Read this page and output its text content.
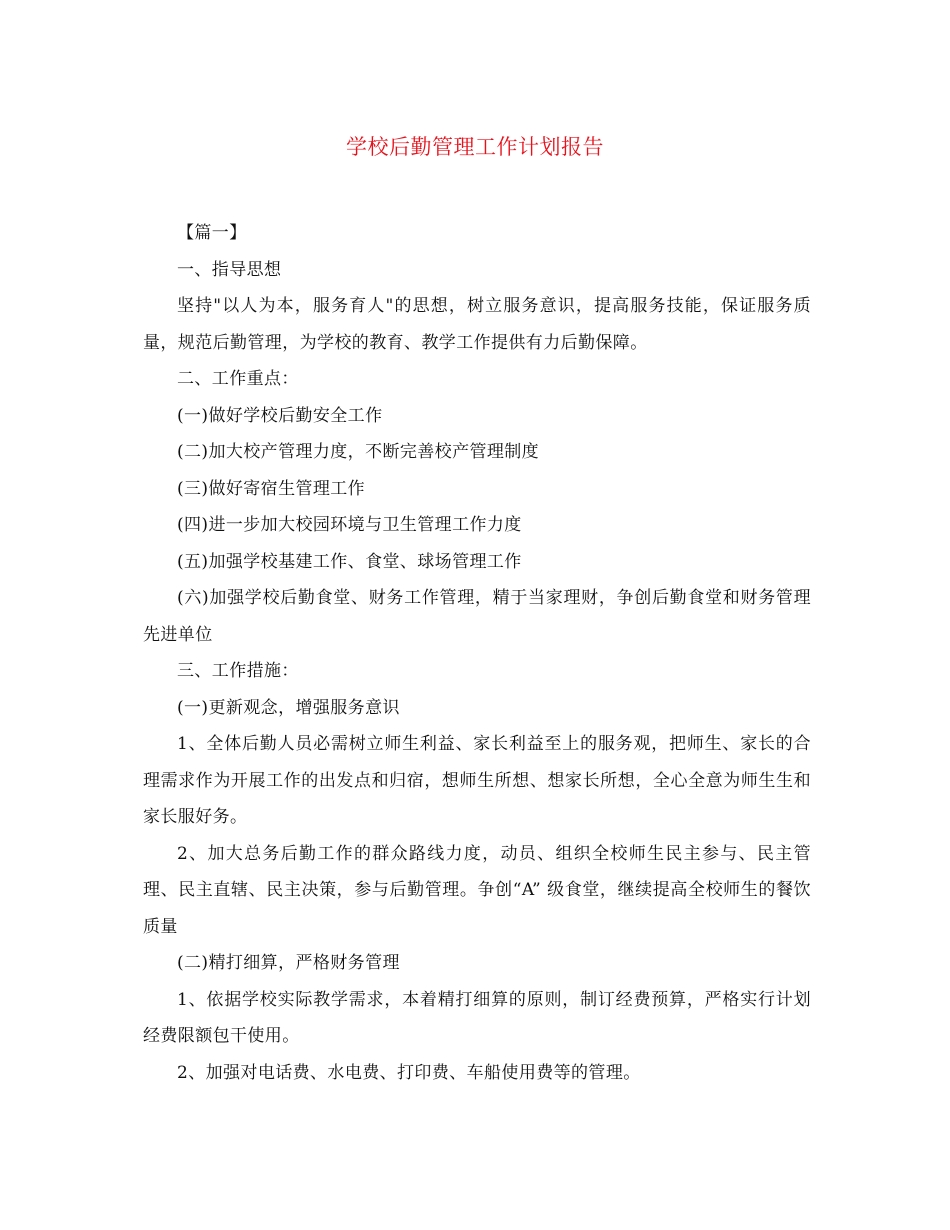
学校后勤管理工作计划报告

【篇一】

一、指导思想

坚持"以人为本，服务育人"的思想，树立服务意识，提高服务技能，保证服务质量，规范后勤管理，为学校的教育、教学工作提供有力后勤保障。

二、工作重点：

(一)做好学校后勤安全工作

(二)加大校产管理力度，不断完善校产管理制度

(三)做好寄宿生管理工作

(四)进一步加大校园环境与卫生管理工作力度

(五)加强学校基建工作、食堂、球场管理工作

(六)加强学校后勤食堂、财务工作管理，精于当家理财，争创后勤食堂和财务管理先进单位

三、工作措施：

(一)更新观念，增强服务意识

1、全体后勤人员必需树立师生利益、家长利益至上的服务观，把师生、家长的合理需求作为开展工作的出发点和归宿，想师生所想、想家长所想，全心全意为师生生和家长服好务。

2、加大总务后勤工作的群众路线力度，动员、组织全校师生民主参与、民主管理、民主直辖、民主决策，参与后勤管理。争创“A” 级食堂，继续提高全校师生的餐饮质量

(二)精打细算，严格财务管理

1、依据学校实际教学需求，本着精打细算的原则，制订经费预算，严格实行计划经费限额包干使用。

2、加强对电话费、水电费、打印费、车船使用费等的管理。
